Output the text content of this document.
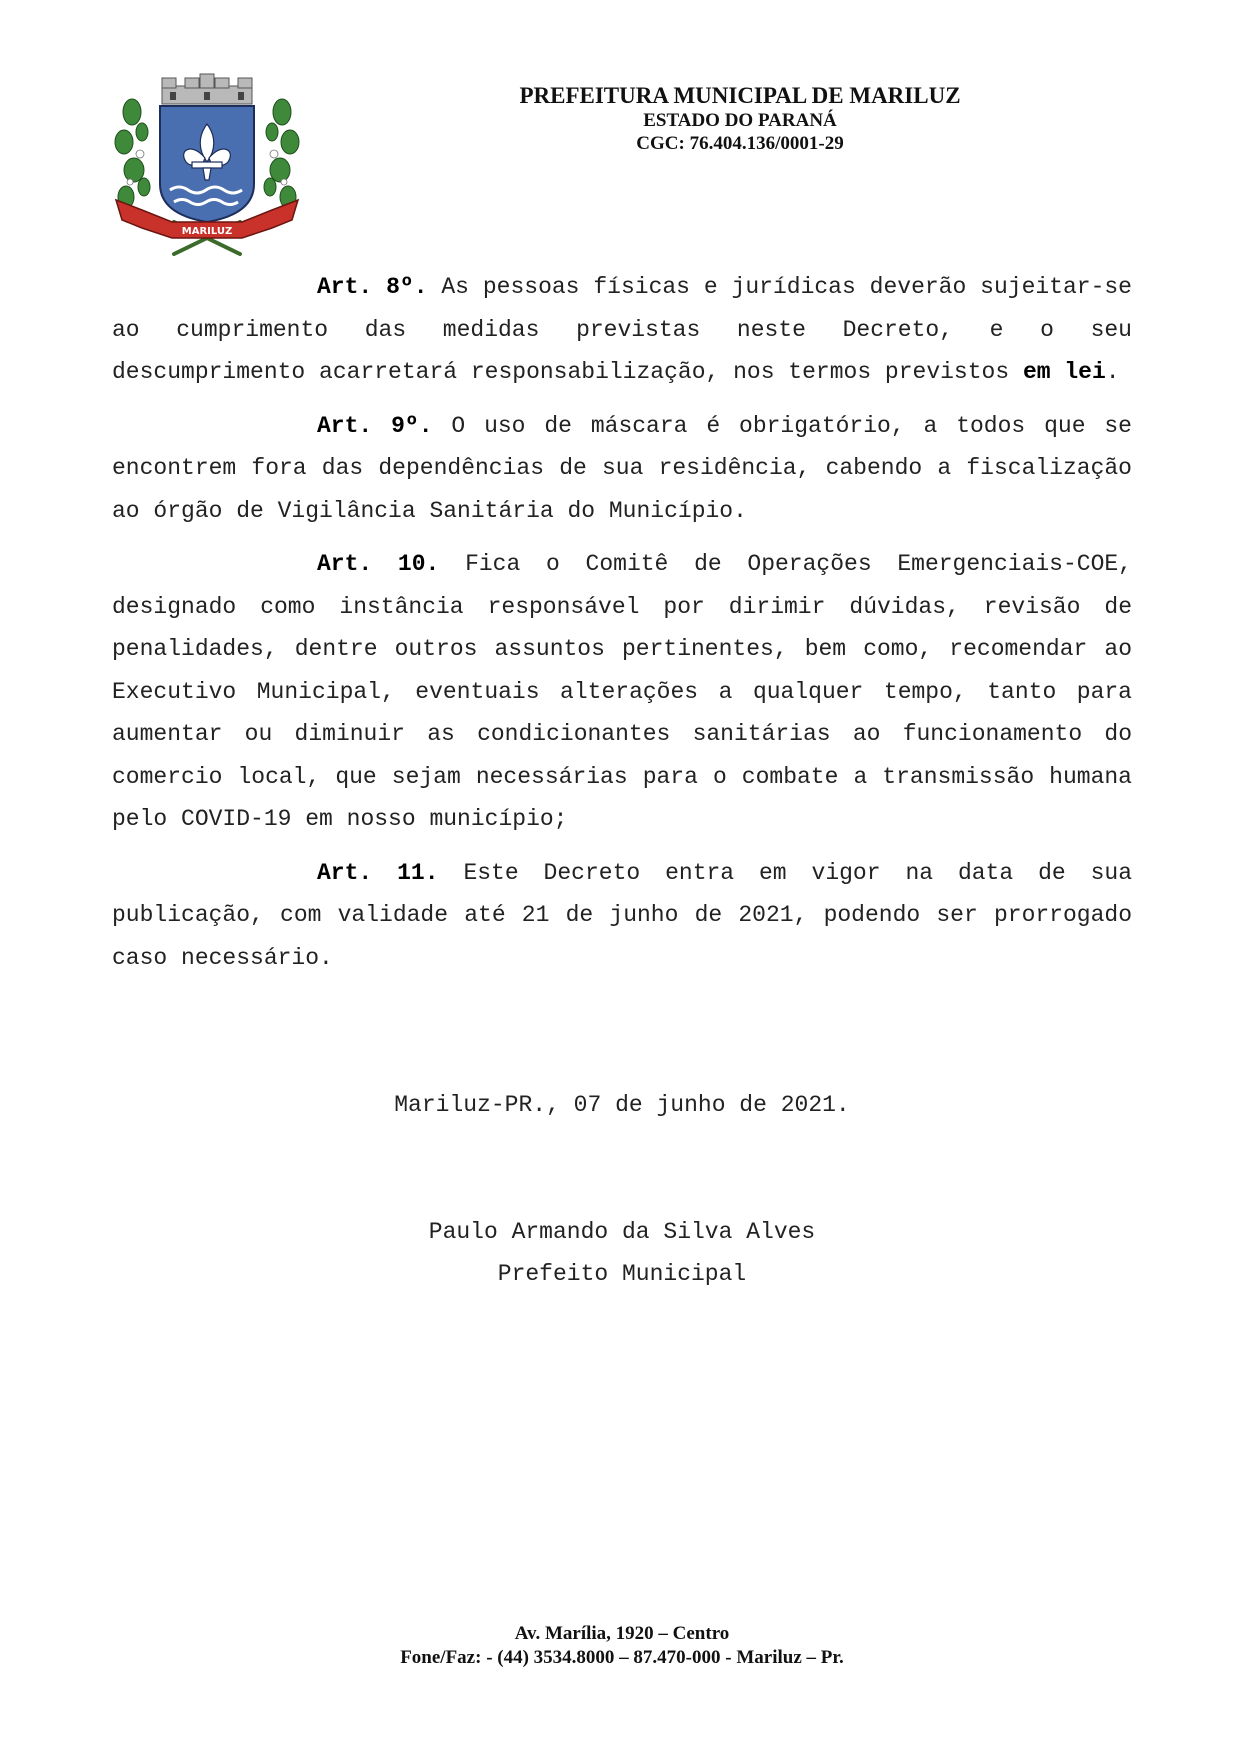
MARILUZ
PREFEITURA MUNICIPAL DE MARILUZ
ESTADO DO PARANÁ
CGC: 76.404.136/0001-29

Art. 8º. As pessoas físicas e jurídicas deverão sujeitar-se ao cumprimento das medidas previstas neste Decreto, e o seu descumprimento acarretará responsabilização, nos termos previstos em lei.

Art. 9º. O uso de máscara é obrigatório, a todos que se encontrem fora das dependências de sua residência, cabendo a fiscalização ao órgão de Vigilância Sanitária do Município.

Art. 10. Fica o Comitê de Operações Emergenciais-COE, designado como instância responsável por dirimir dúvidas, revisão de penalidades, dentre outros assuntos pertinentes, bem como, recomendar ao Executivo Municipal, eventuais alterações a qualquer tempo, tanto para aumentar ou diminuir as condicionantes sanitárias ao funcionamento do comercio local, que sejam necessárias para o combate a transmissão humana pelo COVID-19 em nosso município;

Art. 11. Este Decreto entra em vigor na data de sua publicação, com validade até 21 de junho de 2021, podendo ser prorrogado caso necessário.

Mariluz-PR., 07 de junho de 2021.
Paulo Armando da Silva Alves
Prefeito Municipal
Av. Marília, 1920 – Centro
Fone/Faz: - (44) 3534.8000 – 87.470-000 - Mariluz – Pr.
